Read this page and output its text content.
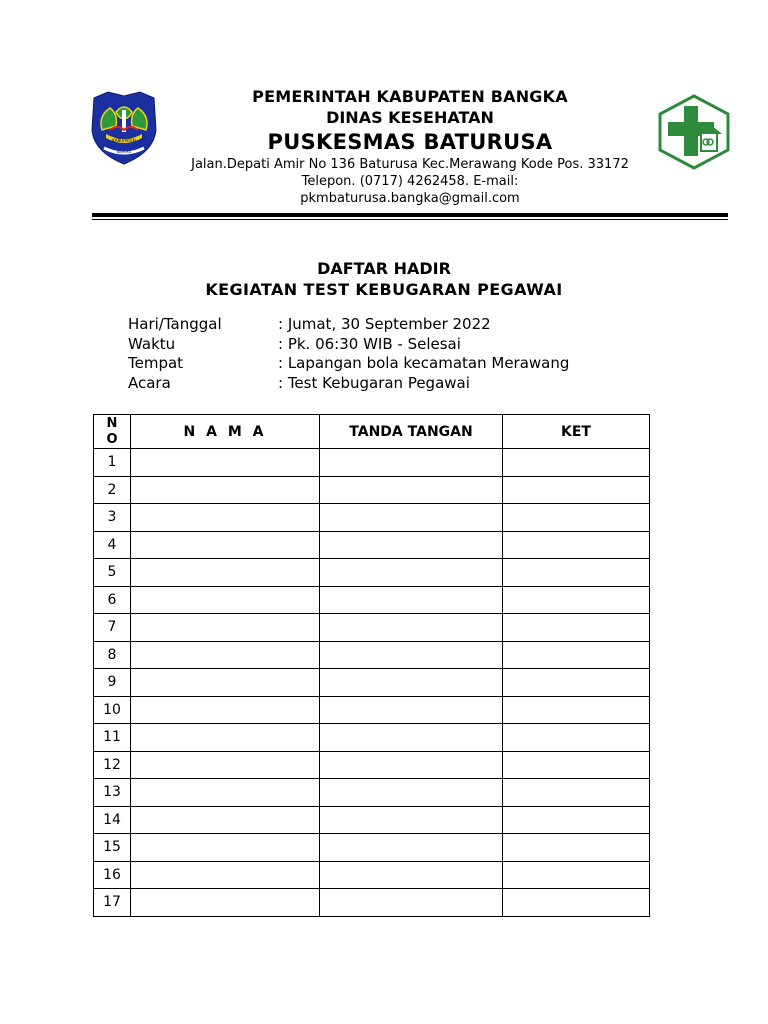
KABUPATEN
BANGKA
PEMERINTAH KABUPATEN BANGKA
DINAS KESEHATAN
PUSKESMAS BATURUSA
Jalan.Depati Amir No 136 Baturusa Kec.Merawang Kode Pos. 33172
Telepon. (0717) 4262458. E-mail:
pkmbaturusa.bangka@gmail.com
DAFTAR HADIR
KEGIATAN TEST KEBUGARAN PEGAWAI
Hari/Tanggal	: Jumat, 30 September 2022
Waktu	: Pk. 06:30 WIB - Selesai
Tempat	: Lapangan bola kecamatan Merawang
Acara	: Test Kebugaran Pegawai
N
O	N A M A	TANDA TANGAN	KET
1			
2			
3			
4			
5			
6			
7			
8			
9			
10			
11			
12			
13			
14			
15			
16			
17			
